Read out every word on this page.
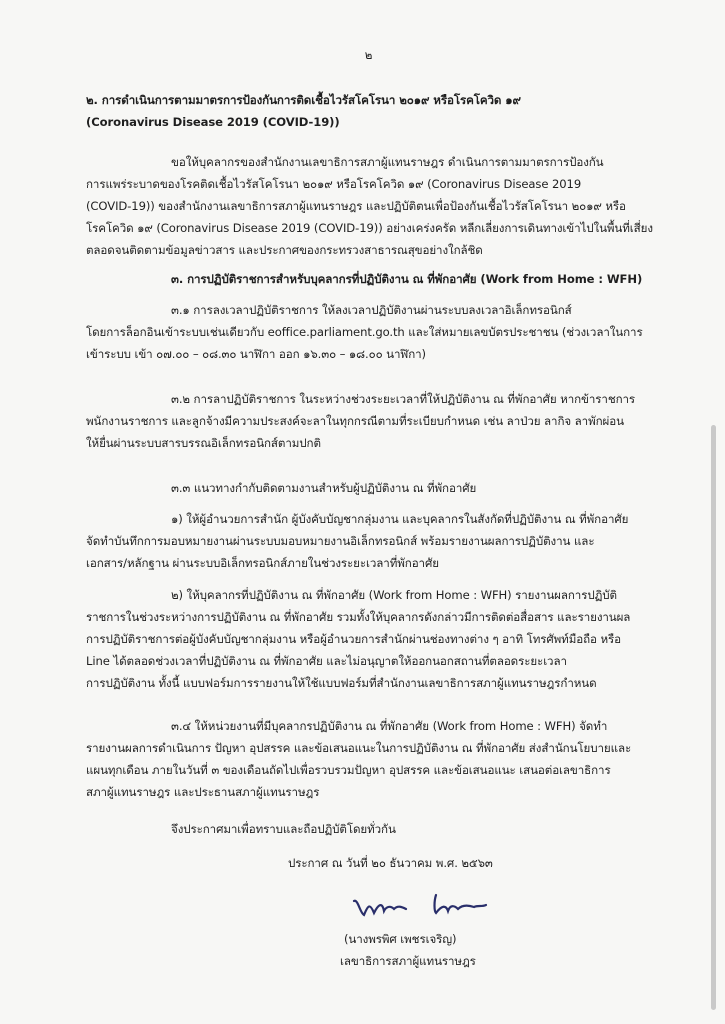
๒
๒. การดำเนินการตามมาตรการป้องกันการติดเชื้อไวรัสโคโรนา ๒๐๑๙ หรือโรคโควิด ๑๙
(Coronavirus Disease 2019 (COVID-19))
ขอให้บุคลากรของสำนักงานเลขาธิการสภาผู้แทนราษฎร ดำเนินการตามมาตรการป้องกัน
การแพร่ระบาดของโรคติดเชื้อไวรัสโคโรนา ๒๐๑๙ หรือโรคโควิด ๑๙ (Coronavirus Disease 2019
(COVID-19)) ของสำนักงานเลขาธิการสภาผู้แทนราษฎร และปฏิบัติตนเพื่อป้องกันเชื้อไวรัสโคโรนา ๒๐๑๙ หรือ
โรคโควิด ๑๙ (Coronavirus Disease 2019 (COVID-19)) อย่างเคร่งครัด หลีกเลี่ยงการเดินทางเข้าไปในพื้นที่เสี่ยง
ตลอดจนติดตามข้อมูลข่าวสาร และประกาศของกระทรวงสาธารณสุขอย่างใกล้ชิด
๓. การปฏิบัติราชการสำหรับบุคลากรที่ปฏิบัติงาน ณ ที่พักอาศัย (Work from Home : WFH)
๓.๑ การลงเวลาปฏิบัติราชการ ให้ลงเวลาปฏิบัติงานผ่านระบบลงเวลาอิเล็กทรอนิกส์
โดยการล็อกอินเข้าระบบเช่นเดียวกับ eoffice.parliament.go.th และใส่หมายเลขบัตรประชาชน (ช่วงเวลาในการ
เข้าระบบ เข้า ๐๗.๐๐ – ๐๘.๓๐ นาฬิกา ออก ๑๖.๓๐ – ๑๘.๐๐ นาฬิกา)
๓.๒ การลาปฏิบัติราชการ ในระหว่างช่วงระยะเวลาที่ให้ปฏิบัติงาน ณ ที่พักอาศัย หากข้าราชการ
พนักงานราชการ และลูกจ้างมีความประสงค์จะลาในทุกกรณีตามที่ระเบียบกำหนด เช่น ลาป่วย ลากิจ ลาพักผ่อน
ให้ยื่นผ่านระบบสารบรรณอิเล็กทรอนิกส์ตามปกติ
๓.๓ แนวทางกำกับติดตามงานสำหรับผู้ปฏิบัติงาน ณ ที่พักอาศัย
๑) ให้ผู้อำนวยการสำนัก ผู้บังคับบัญชากลุ่มงาน และบุคลากรในสังกัดที่ปฏิบัติงาน ณ ที่พักอาศัย
จัดทำบันทึกการมอบหมายงานผ่านระบบมอบหมายงานอิเล็กทรอนิกส์ พร้อมรายงานผลการปฏิบัติงาน และ
เอกสาร/หลักฐาน ผ่านระบบอิเล็กทรอนิกส์ภายในช่วงระยะเวลาที่พักอาศัย
๒) ให้บุคลากรที่ปฏิบัติงาน ณ ที่พักอาศัย (Work from Home : WFH) รายงานผลการปฏิบัติ
ราชการในช่วงระหว่างการปฏิบัติงาน ณ ที่พักอาศัย รวมทั้งให้บุคลากรดังกล่าวมีการติดต่อสื่อสาร และรายงานผล
การปฏิบัติราชการต่อผู้บังคับบัญชากลุ่มงาน หรือผู้อำนวยการสำนักผ่านช่องทางต่าง ๆ อาทิ โทรศัพท์มือถือ หรือ
Line ได้ตลอดช่วงเวลาที่ปฏิบัติงาน ณ ที่พักอาศัย และไม่อนุญาตให้ออกนอกสถานที่ตลอดระยะเวลา
การปฏิบัติงาน ทั้งนี้ แบบฟอร์มการรายงานให้ใช้แบบฟอร์มที่สำนักงานเลขาธิการสภาผู้แทนราษฎรกำหนด
๓.๔ ให้หน่วยงานที่มีบุคลากรปฏิบัติงาน ณ ที่พักอาศัย (Work from Home : WFH) จัดทำ
รายงานผลการดำเนินการ ปัญหา อุปสรรค และข้อเสนอแนะในการปฏิบัติงาน ณ ที่พักอาศัย ส่งสำนักนโยบายและ
แผนทุกเดือน ภายในวันที่ ๓ ของเดือนถัดไปเพื่อรวบรวมปัญหา อุปสรรค และข้อเสนอแนะ เสนอต่อเลขาธิการ
สภาผู้แทนราษฎร และประธานสภาผู้แทนราษฎร
จึงประกาศมาเพื่อทราบและถือปฏิบัติโดยทั่วกัน
ประกาศ ณ วันที่ ๒๐ ธันวาคม พ.ศ. ๒๕๖๓
(นางพรพิศ เพชรเจริญ)
เลขาธิการสภาผู้แทนราษฎร
